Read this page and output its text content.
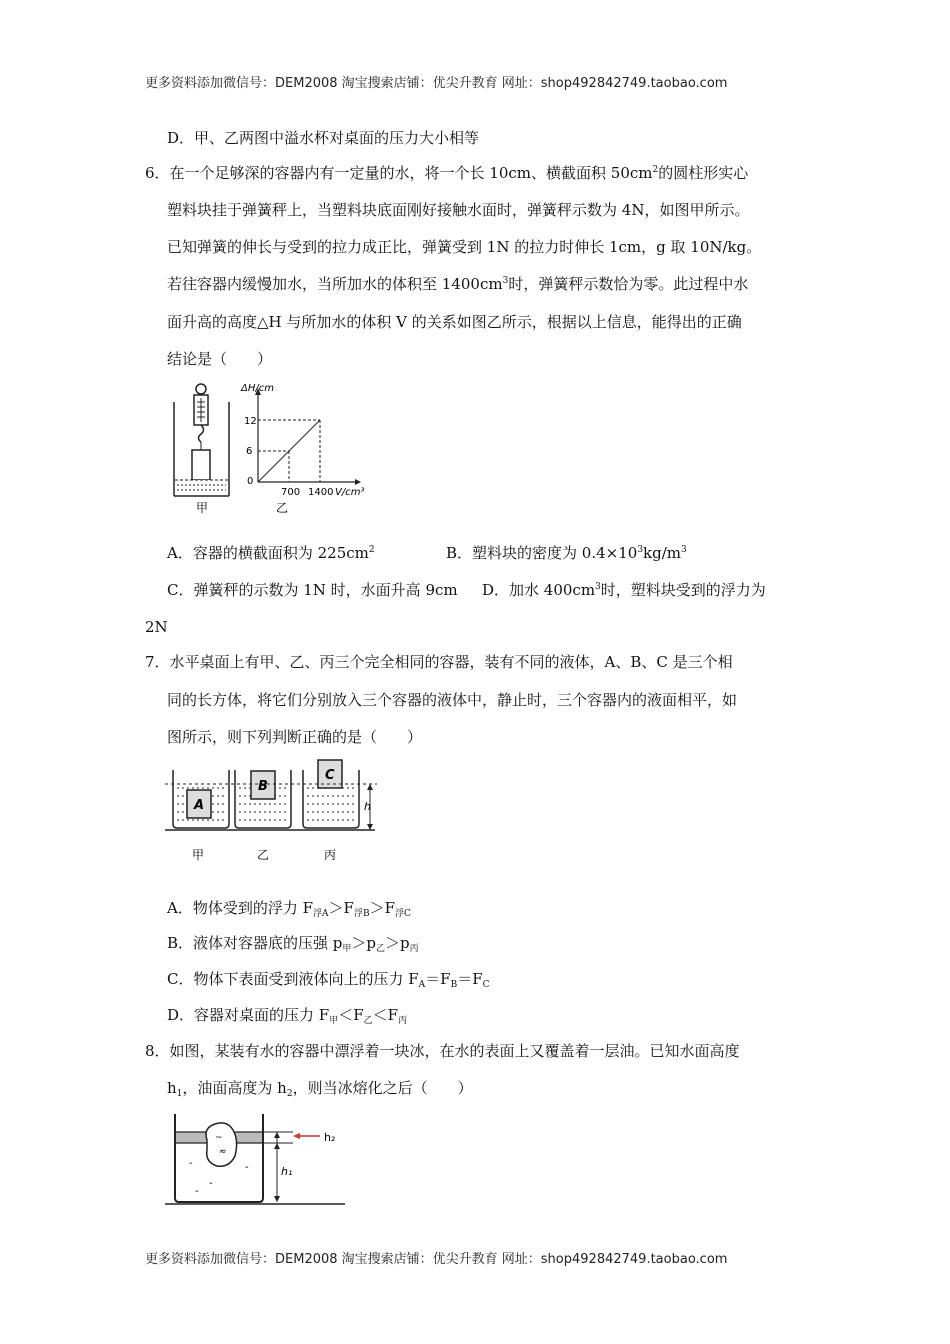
更多资料添加微信号：DEM2008 淘宝搜索店铺：优尖升教育 网址：shop492842749.taobao.com
D．甲、乙两图中溢水杯对桌面的压力大小相等
6．在一个足够深的容器内有一定量的水，将一个长 10cm、横截面积 $50cm^2$的圆柱形实心
塑料块挂于弹簧秤上，当塑料块底面刚好接触水面时，弹簧秤示数为 4N，如图甲所示。
已知弹簧的伸长与受到的拉力成正比，弹簧受到 1N 的拉力时伸长 1cm，g 取 10N/kg。
若往容器内缓慢加水，当所加水的体积至 $1400cm^3$时，弹簧秤示数恰为零。此过程中水
面升高的高度△H 与所加水的体积 V 的关系如图乙所示，根据以上信息，能得出的正确
结论是（　　）
甲
ΔH/cm
12
6
0
700 1400 V/cm³
乙
A．容器的横截面积为 $225cm^2$	B．塑料块的密度为 $0.4\times 10^3kg/m^3$
C．弹簧秤的示数为 1N 时，水面升高 9cm D．加水 $400cm^3$时，塑料块受到的浮力为
2N
7．水平桌面上有甲、乙、丙三个完全相同的容器，装有不同的液体，A、B、C 是三个相
同的长方体，将它们分别放入三个容器的液体中，静止时，三个容器内的液面相平，如
图所示，则下列判断正确的是（　　）
A
B
C
h
甲	乙	丙
A．物体受到的浮力 $F_{浮A}>F_{浮B}>F_{浮C}$
B．液体对容器底的压强 $p_甲>p_乙>p_丙$
C．物体下表面受到液体向上的压力 $F_A=F_B=F_C$
D．容器对桌面的压力 $F_甲<F_乙<F_丙$
8．如图，某装有水的容器中漂浮着一块冰，在水的表面上又覆盖着一层油。已知水面高度
$h_1$，油面高度为 $h_2$，则当冰熔化之后（　　）
~
≈
-	-
-
-
h₂
h₁
更多资料添加微信号：DEM2008 淘宝搜索店铺：优尖升教育 网址：shop492842749.taobao.com
